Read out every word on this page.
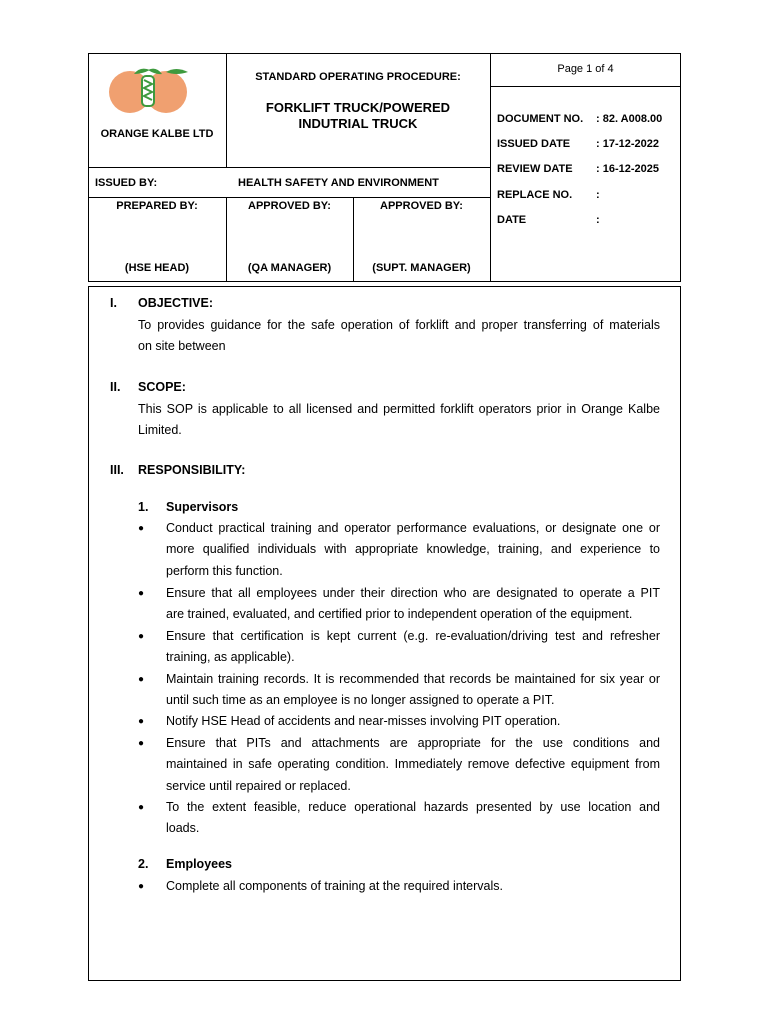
ORANGE KALBE LTD
STANDARD OPERATING PROCEDURE:
FORKLIFT TRUCK/POWERED
INDUTRIAL TRUCK
Page 1 of 4
DOCUMENT NO. : 82. A008.00
ISSUED DATE : 17-12-2022
REVIEW DATE : 16-12-2025
REPLACE NO. :
DATE	:
ISSUED BY:	HEALTH SAFETY AND ENVIRONMENT
PREPARED BY:	APPROVED BY:	APPROVED BY:
(HSE HEAD)	(QA MANAGER)	(SUPT. MANAGER)
I. OBJECTIVE:
To provides guidance for the safe operation of forklift and proper transferring of materials
on site between
II. SCOPE:
This SOP is applicable to all licensed and permitted forklift operators prior in Orange Kalbe
Limited.
III. RESPONSIBILITY:
1. Supervisors
● Conduct practical training and operator performance evaluations, or designate one or
more qualified individuals with appropriate knowledge, training, and experience to
perform this function.
● Ensure that all employees under their direction who are designated to operate a PIT
are trained, evaluated, and certified prior to independent operation of the equipment.
● Ensure that certification is kept current (e.g. re-evaluation/driving test and refresher
training, as applicable).
● Maintain training records. It is recommended that records be maintained for six year or
until such time as an employee is no longer assigned to operate a PIT.
● Notify HSE Head of accidents and near-misses involving PIT operation.
● Ensure that PITs and attachments are appropriate for the use conditions and
maintained in safe operating condition. Immediately remove defective equipment from
service until repaired or replaced.
● To the extent feasible, reduce operational hazards presented by use location and
loads.
2. Employees
● Complete all components of training at the required intervals.
